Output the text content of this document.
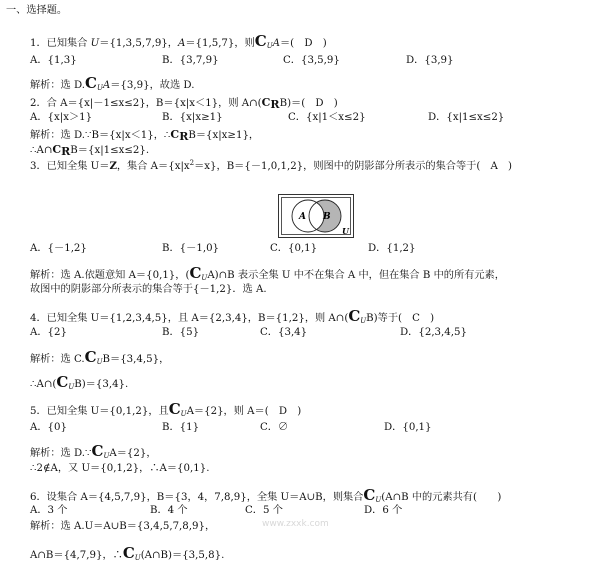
一、选择题。
1．已知集合 U＝{1,3,5,7,9}，A＝{1,5,7}，则$C_UA=$(　D　)
A．{1,3}	B．{3,7,9}	C．{3,5,9}	D．{3,9}
解析：选 $D.C_UA=\{3,9\}$，故选 D.
2．合 A＝{x|－1≤x≤2}，B＝{x|x＜1}，则 $A\cap(C_RB)=$(　D　)
A．{x|x＞1}	B．{x|x≥1}	C．{x|1＜x≤2}	D．{x|1≤x≤2}
解析：选 D.∵B＝{x|x＜1}，$\therefore C_RB=\{x|x\ge 1\}$，
$\therefore A\cap C_RB=\{x|1\le x\le 2\}$.
3．已知全集 U＝Z，集合 $A=\{x|x^2=x\}$，B＝{－1,0,1,2}，则图中的阴影部分所表示的集合等于(　A　)
A B
U
A．{－1,2}	B．{－1,0}	C．{0,1}	D．{1,2}
解析：选 A.依题意知 A＝{0,1}，$(C_UA)\cap B$ 表示全集 U 中不在集合 A 中，但在集合 B 中的所有元素，
故图中的阴影部分所表示的集合等于{－1,2}．选 A.
4．已知全集 U＝{1,2,3,4,5}，且 A＝{2,3,4}，B＝{1,2}，则 $A\cap(C_UB)$等于(　C　)
A．{2}	B．{5}	C．{3,4}	D．{2,3,4,5}
解析：选 $C.C_UB=\{3,4,5\}$，
$\therefore A\cap(C_UB)=\{3,4\}$.
5．已知全集 U＝{0,1,2}，且$C_UA=\{2\}$，则 A＝(　D　)
A．{0}	B．{1}	C．∅	D．{0,1}
解析：选 $D.\because C_UA=\{2\}$，
∴2∉A，又 U＝{0,1,2}，∴A＝{0,1}.
6．设集合 A＝{4,5,7,9}，B＝{3，4，7,8,9}，全集 U＝A∪B，则集合$C_U(A\cap B$ 中的元素共有(　　)
A．3 个	B．4 个	C．5 个	D．6 个
www.zxxk.com
解析：选 A.U＝A∪B＝{3,4,5,7,8,9}，
A∩B＝{4,7,9}，$\therefore C_U(A\cap B)=\{3,5,8\}$.
